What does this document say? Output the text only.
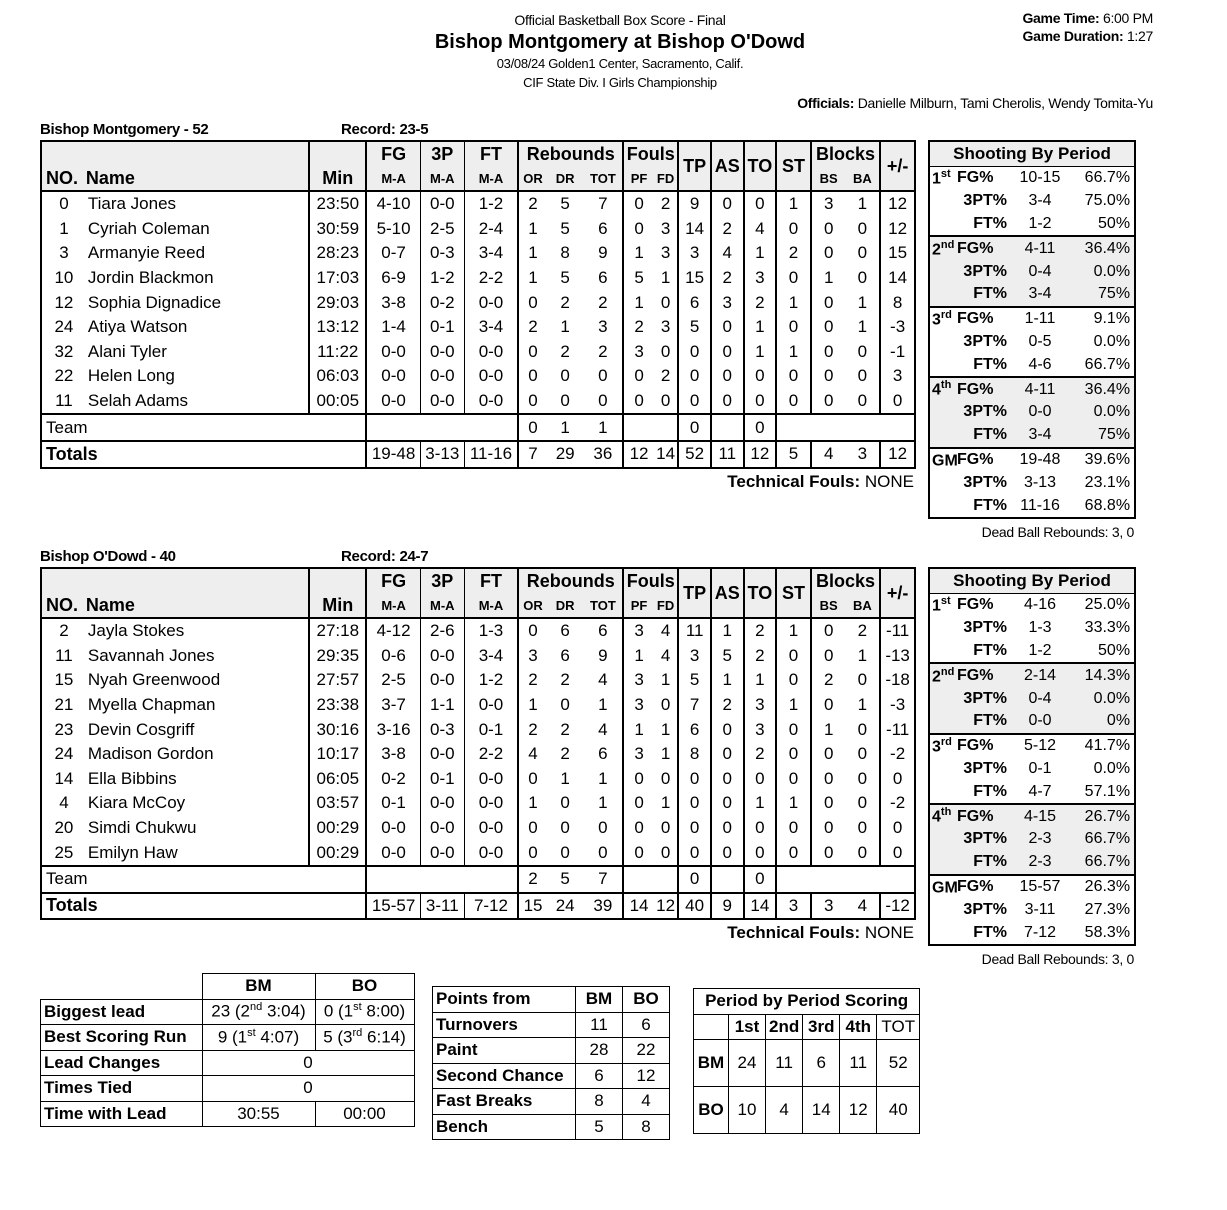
Official Basketball Box Score - Final
Bishop Montgomery at Bishop O'Dowd
03/08/24 Golden1 Center, Sacramento, Calif.
CIF State Div. I Girls Championship
Game Time: 6:00 PM
Game Duration: 1:27
Officials: Danielle Milburn, Tami Cherolis, Wendy Tomita-Yu
Bishop Montgomery - 52	Record: 23-5
			FG	3P	FT	Rebounds			Fouls		TP	AS	TO	ST	Blocks		+/-
NO.	Name	Min	M-A	M-A	M-A	OR	DR	TOT	PF	FD					BS	BA	
0	Tiara Jones	23:50	4-10	0-0	1-2	2	5	7	0	2	9	0	0	1	3	1	12
1	Cyriah Coleman	30:59	5-10	2-5	2-4	1	5	6	0	3	14	2	4	0	0	0	12
3	Armanyie Reed	28:23	0-7	0-3	3-4	1	8	9	1	3	3	4	1	2	0	0	15
10	Jordin Blackmon	17:03	6-9	1-2	2-2	1	5	6	5	1	15	2	3	0	1	0	14
12	Sophia Dignadice	29:03	3-8	0-2	0-0	0	2	2	1	0	6	3	2	1	0	1	8
24	Atiya Watson	13:12	1-4	0-1	3-4	2	1	3	2	3	5	0	1	0	0	1	-3
32	Alani Tyler	11:22	0-0	0-0	0-0	0	2	2	3	0	0	0	1	1	0	0	-1
22	Helen Long	06:03	0-0	0-0	0-0	0	0	0	0	2	0	0	0	0	0	0	3
11	Selah Adams	00:05	0-0	0-0	0-0	0	0	0	0	0	0	0	0	0	0	0	0
Team						0	1	1			0		0				
Totals			19-48	3-13	11-16	7	29	36	12	14	52	11	12	5	4	3	12
Technical Fouls: NONE
Shooting By Period			
1st	FG%	10-15	66.7%
	3PT%	3-4	75.0%
	FT%	1-2	50%
2nd	FG%	4-11	36.4%
	3PT%	0-4	0.0%
	FT%	3-4	75%
3rd	FG%	1-11	9.1%
	3PT%	0-5	0.0%
	FT%	4-6	66.7%
4th	FG%	4-11	36.4%
	3PT%	0-0	0.0%
	FT%	3-4	75%
GM	FG%	19-48	39.6%
	3PT%	3-13	23.1%
	FT%	11-16	68.8%
Dead Ball Rebounds: 3, 0
Bishop O'Dowd - 40	Record: 24-7
			FG	3P	FT	Rebounds			Fouls		TP	AS	TO	ST	Blocks		+/-
NO.	Name	Min	M-A	M-A	M-A	OR	DR	TOT	PF	FD					BS	BA	
2	Jayla Stokes	27:18	4-12	2-6	1-3	0	6	6	3	4	11	1	2	1	0	2	-11
11	Savannah Jones	29:35	0-6	0-0	3-4	3	6	9	1	4	3	5	2	0	0	1	-13
15	Nyah Greenwood	27:57	2-5	0-0	1-2	2	2	4	3	1	5	1	1	0	2	0	-18
21	Myella Chapman	23:38	3-7	1-1	0-0	1	0	1	3	0	7	2	3	1	0	1	-3
23	Devin Cosgriff	30:16	3-16	0-3	0-1	2	2	4	1	1	6	0	3	0	1	0	-11
24	Madison Gordon	10:17	3-8	0-0	2-2	4	2	6	3	1	8	0	2	0	0	0	-2
14	Ella Bibbins	06:05	0-2	0-1	0-0	0	1	1	0	0	0	0	0	0	0	0	0
4	Kiara McCoy	03:57	0-1	0-0	0-0	1	0	1	0	1	0	0	1	1	0	0	-2
20	Simdi Chukwu	00:29	0-0	0-0	0-0	0	0	0	0	0	0	0	0	0	0	0	0
25	Emilyn Haw	00:29	0-0	0-0	0-0	0	0	0	0	0	0	0	0	0	0	0	0
Team						2	5	7			0		0				
Totals			15-57	3-11	7-12	15	24	39	14	12	40	9	14	3	3	4	-12
Technical Fouls: NONE
Shooting By Period			
1st	FG%	4-16	25.0%
	3PT%	1-3	33.3%
	FT%	1-2	50%
2nd	FG%	2-14	14.3%
	3PT%	0-4	0.0%
	FT%	0-0	0%
3rd	FG%	5-12	41.7%
	3PT%	0-1	0.0%
	FT%	4-7	57.1%
4th	FG%	4-15	26.7%
	3PT%	2-3	66.7%
	FT%	2-3	66.7%
GM	FG%	15-57	26.3%
	3PT%	3-11	27.3%
	FT%	7-12	58.3%
Dead Ball Rebounds: 3, 0
	BM	BO
Biggest lead	23 (2nd 3:04)	0 (1st 8:00)
Best Scoring Run	9 (1st 4:07)	5 (3rd 6:14)
Lead Changes	0	
Times Tied	0	
Time with Lead	30:55	00:00
Points from	BM	BO
Turnovers	11	6
Paint	28	22
Second Chance	6	12
Fast Breaks	8	4
Bench	5	8
Period by Period Scoring					
	1st	2nd	3rd	4th	TOT
BM	24	11	6	11	52
BO	10	4	14	12	40
